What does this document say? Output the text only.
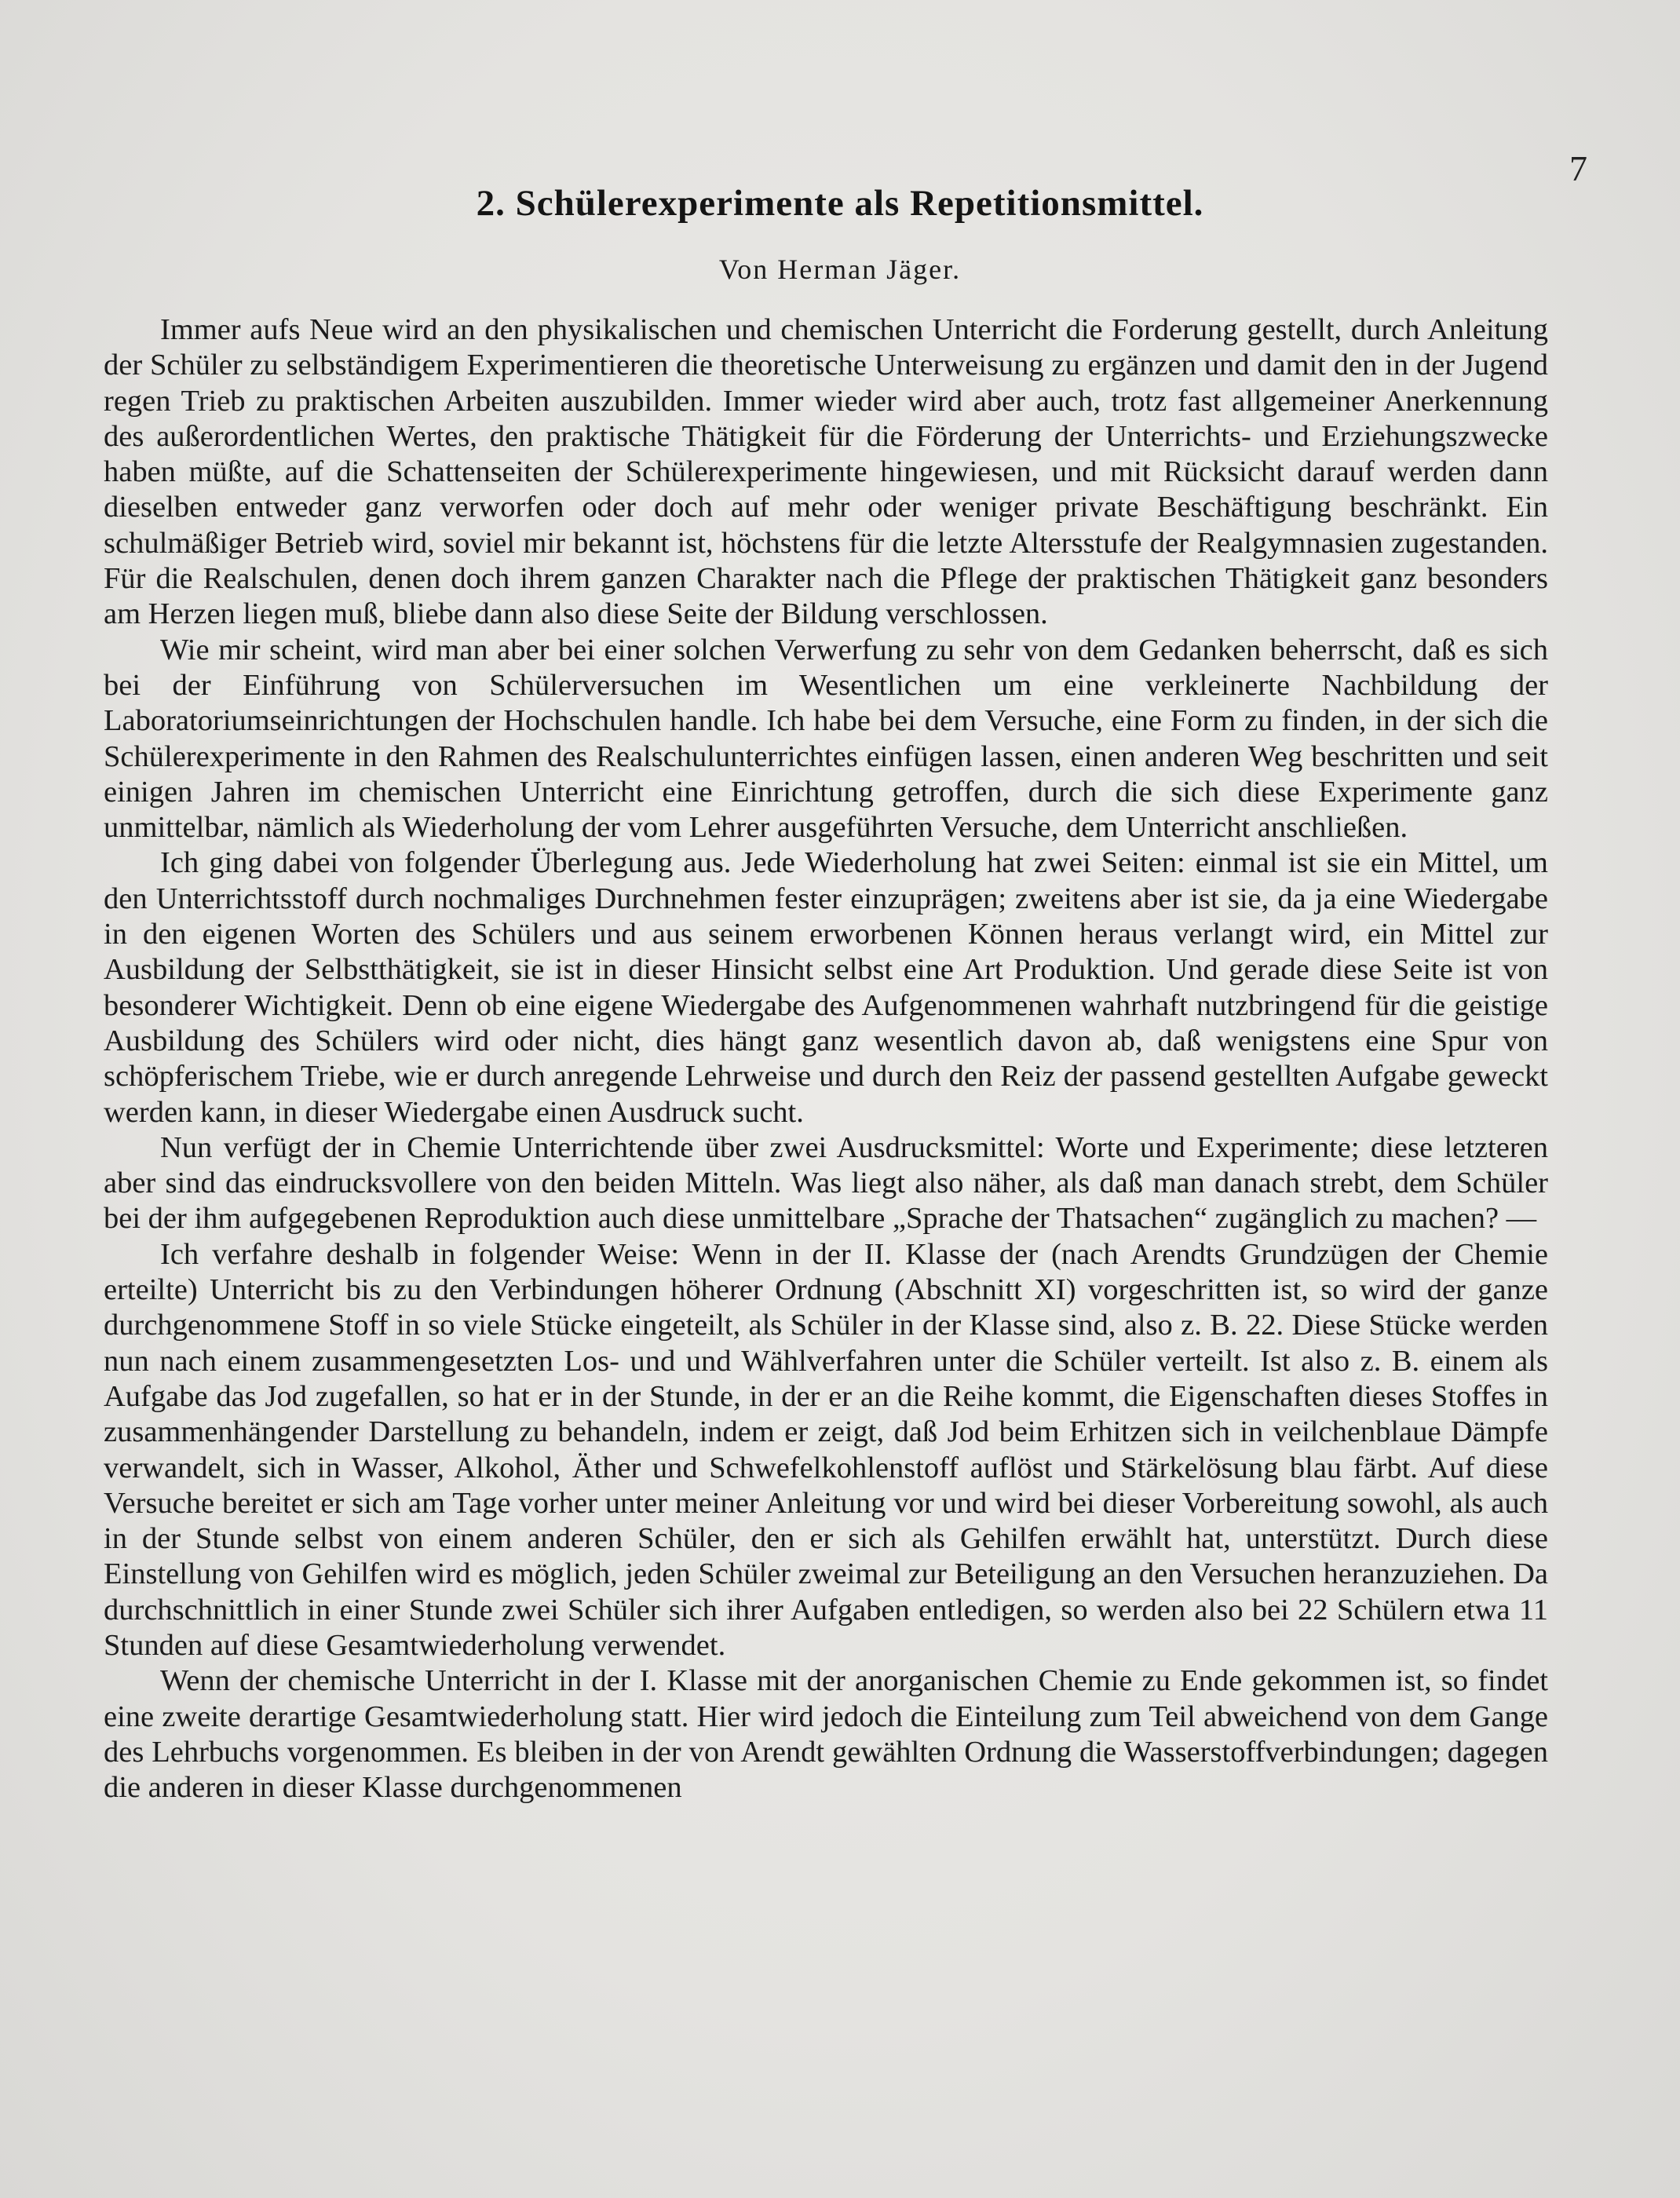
7
2. Schülerexperimente als Repetitionsmittel.
Von Herman Jäger.

Immer aufs Neue wird an den physikalischen und chemischen Unterricht die Forderung gestellt, durch Anleitung der Schüler zu selbständigem Experimentieren die theoretische Unterweisung zu ergänzen und damit den in der Jugend regen Trieb zu praktischen Arbeiten auszubilden. Immer wieder wird aber auch, trotz fast allgemeiner Anerkennung des außerordentlichen Wertes, den praktische Thätigkeit für die Förderung der Unterrichts- und Erziehungszwecke haben müßte, auf die Schattenseiten der Schülerexperimente hingewiesen, und mit Rücksicht darauf werden dann dieselben entweder ganz verworfen oder doch auf mehr oder weniger private Beschäftigung beschränkt. Ein schulmäßiger Betrieb wird, soviel mir bekannt ist, höchstens für die letzte Altersstufe der Realgymnasien zugestanden. Für die Realschulen, denen doch ihrem ganzen Charakter nach die Pflege der praktischen Thätigkeit ganz besonders am Herzen liegen muß, bliebe dann also diese Seite der Bildung verschlossen.

Wie mir scheint, wird man aber bei einer solchen Verwerfung zu sehr von dem Gedanken beherrscht, daß es sich bei der Einführung von Schülerversuchen im Wesentlichen um eine verkleinerte Nachbildung der Laboratoriumseinrichtungen der Hochschulen handle. Ich habe bei dem Versuche, eine Form zu finden, in der sich die Schülerexperimente in den Rahmen des Realschulunterrichtes einfügen lassen, einen anderen Weg beschritten und seit einigen Jahren im chemischen Unterricht eine Einrichtung getroffen, durch die sich diese Experimente ganz unmittelbar, nämlich als Wiederholung der vom Lehrer ausgeführten Versuche, dem Unterricht anschließen.

Ich ging dabei von folgender Überlegung aus. Jede Wiederholung hat zwei Seiten: einmal ist sie ein Mittel, um den Unterrichtsstoff durch nochmaliges Durchnehmen fester einzuprägen; zweitens aber ist sie, da ja eine Wiedergabe in den eigenen Worten des Schülers und aus seinem erworbenen Können heraus verlangt wird, ein Mittel zur Ausbildung der Selbstthätigkeit, sie ist in dieser Hinsicht selbst eine Art Produktion. Und gerade diese Seite ist von besonderer Wichtigkeit. Denn ob eine eigene Wiedergabe des Aufgenommenen wahrhaft nutzbringend für die geistige Ausbildung des Schülers wird oder nicht, dies hängt ganz wesentlich davon ab, daß wenigstens eine Spur von schöpferischem Triebe, wie er durch anregende Lehrweise und durch den Reiz der passend gestellten Aufgabe geweckt werden kann, in dieser Wiedergabe einen Ausdruck sucht.

Nun verfügt der in Chemie Unterrichtende über zwei Ausdrucksmittel: Worte und Experimente; diese letzteren aber sind das eindrucksvollere von den beiden Mitteln. Was liegt also näher, als daß man danach strebt, dem Schüler bei der ihm aufgegebenen Reproduktion auch diese unmittelbare „Sprache der Thatsachen“ zugänglich zu machen? —

Ich verfahre deshalb in folgender Weise: Wenn in der II. Klasse der (nach Arendts Grundzügen der Chemie erteilte) Unterricht bis zu den Verbindungen höherer Ordnung (Abschnitt XI) vorgeschritten ist, so wird der ganze durchgenommene Stoff in so viele Stücke eingeteilt, als Schüler in der Klasse sind, also z. B. 22. Diese Stücke werden nun nach einem zusammengesetzten Los- und und Wählverfahren unter die Schüler verteilt. Ist also z. B. einem als Aufgabe das Jod zugefallen, so hat er in der Stunde, in der er an die Reihe kommt, die Eigenschaften dieses Stoffes in zusammenhängender Darstellung zu behandeln, indem er zeigt, daß Jod beim Erhitzen sich in veilchenblaue Dämpfe verwandelt, sich in Wasser, Alkohol, Äther und Schwefelkohlenstoff auflöst und Stärkelösung blau färbt. Auf diese Versuche bereitet er sich am Tage vorher unter meiner Anleitung vor und wird bei dieser Vorbereitung sowohl, als auch in der Stunde selbst von einem anderen Schüler, den er sich als Gehilfen erwählt hat, unterstützt. Durch diese Einstellung von Gehilfen wird es möglich, jeden Schüler zweimal zur Beteiligung an den Versuchen heranzuziehen. Da durchschnittlich in einer Stunde zwei Schüler sich ihrer Aufgaben entledigen, so werden also bei 22 Schülern etwa 11 Stunden auf diese Gesamtwiederholung verwendet.

Wenn der chemische Unterricht in der I. Klasse mit der anorganischen Chemie zu Ende gekommen ist, so findet eine zweite derartige Gesamtwiederholung statt. Hier wird jedoch die Einteilung zum Teil abweichend von dem Gange des Lehrbuchs vorgenommen. Es bleiben in der von Arendt gewählten Ordnung die Wasserstoffverbindungen; dagegen die anderen in dieser Klasse durchgenommenen
